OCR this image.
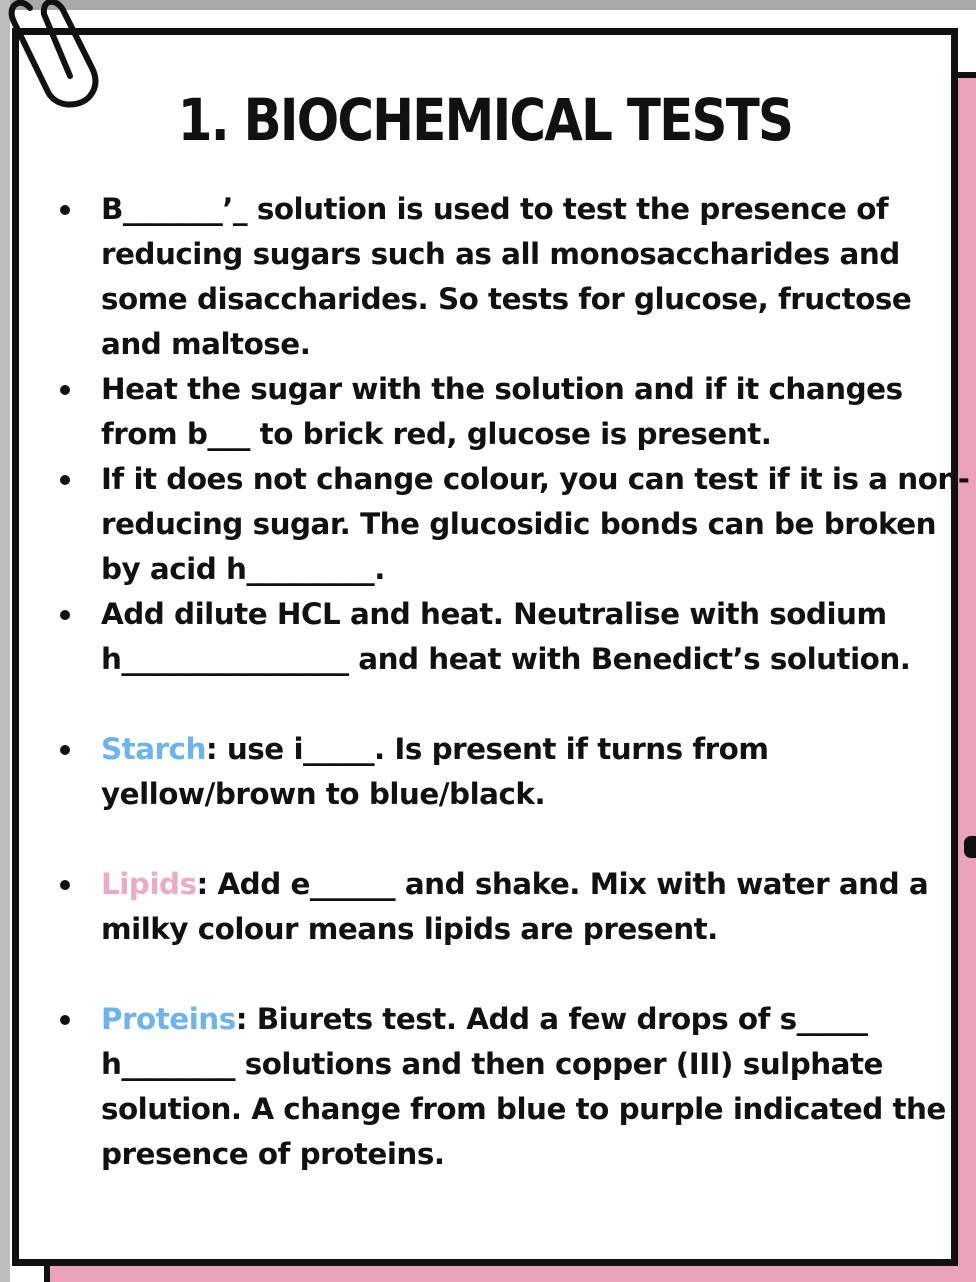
1. BIOCHEMICAL TESTS
B_______’_ solution is used to test the presence of reducing sugars such as all monosaccharides and some disaccharides. So tests for glucose, fructose and maltose.
Heat the sugar with the solution and if it changes from b___ to brick red, glucose is present.
If it does not change colour, you can test if it is a non-reducing sugar. The glucosidic bonds can be broken by acid h_________.
Add dilute HCL and heat. Neutralise with sodium h________________ and heat with Benedict’s solution.
Starch: use i_____. Is present if turns from yellow/brown to blue/black.
Lipids: Add e______ and shake. Mix with water and a milky colour means lipids are present.
Proteins: Biurets test. Add a few drops of s_____ h________ solutions and then copper (III) sulphate solution. A change from blue to purple indicated the presence of proteins.
